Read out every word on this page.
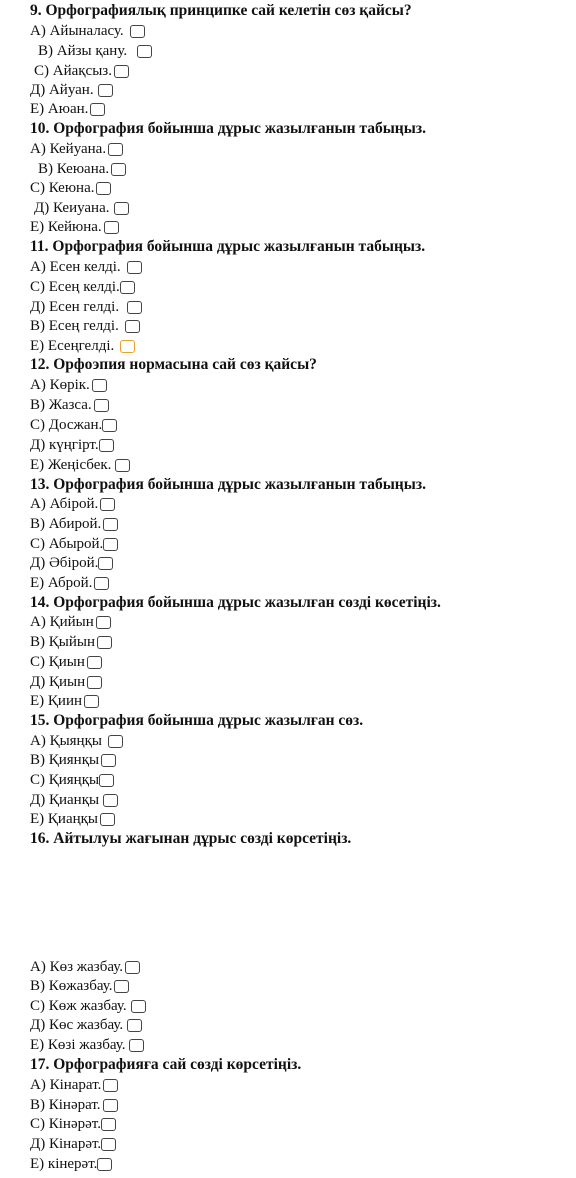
9. Орфографиялық принципке сай келетін сөз қайсы?
А) Айыналасу.
В) Айзы қану.
С) Айақсыз.
Д) Айуан.
Е) Аюан.
10. Орфография бойынша дұрыс жазылғанын табыңыз.
А) Кейуана.
В) Кеюана.
С) Кеюна.
Д) Кеиуана.
Е) Кейюна.
11. Орфография бойынша дұрыс жазылғанын табыңыз.
А) Есен келді.
С) Есең келді.
Д) Есен гелді.
В) Есең гелді.
Е) Есеңгелді.
12. Орфоэпия нормасына сай сөз қайсы?
А) Көрік.
В) Жазса.
С) Досжан.
Д) күңгірт.
Е) Жеңісбек.
13. Орфография бойынша дұрыс жазылғанын табыңыз.
А) Абірой.
В) Абирой.
С) Абырой.
Д) Әбірой.
Е) Аброй.
14. Орфография бойынша дұрыс жазылған сөзді көсетіңіз.
А) Қийын
В) Қыйын
С) Қиын
Д) Қиын
Е) Қиин
15. Орфография бойынша дұрыс жазылған сөз.
А) Қыяңқы
В) Қиянқы
С) Қияңқы
Д) Қианқы
Е) Қиаңқы
16. Айтылуы жағынан дұрыс сөзді көрсетіңіз.
А) Көз жазбау.
В) Көжазбау.
С) Көж жазбау.
Д) Көс жазбау.
Е) Көзі жазбау.
17. Орфографияға сай сөзді көрсетіңіз.
А) Кінарат.
В) Кінәрат.
С) Кінәрәт.
Д) Кінарәт.
Е) кінерәт.
